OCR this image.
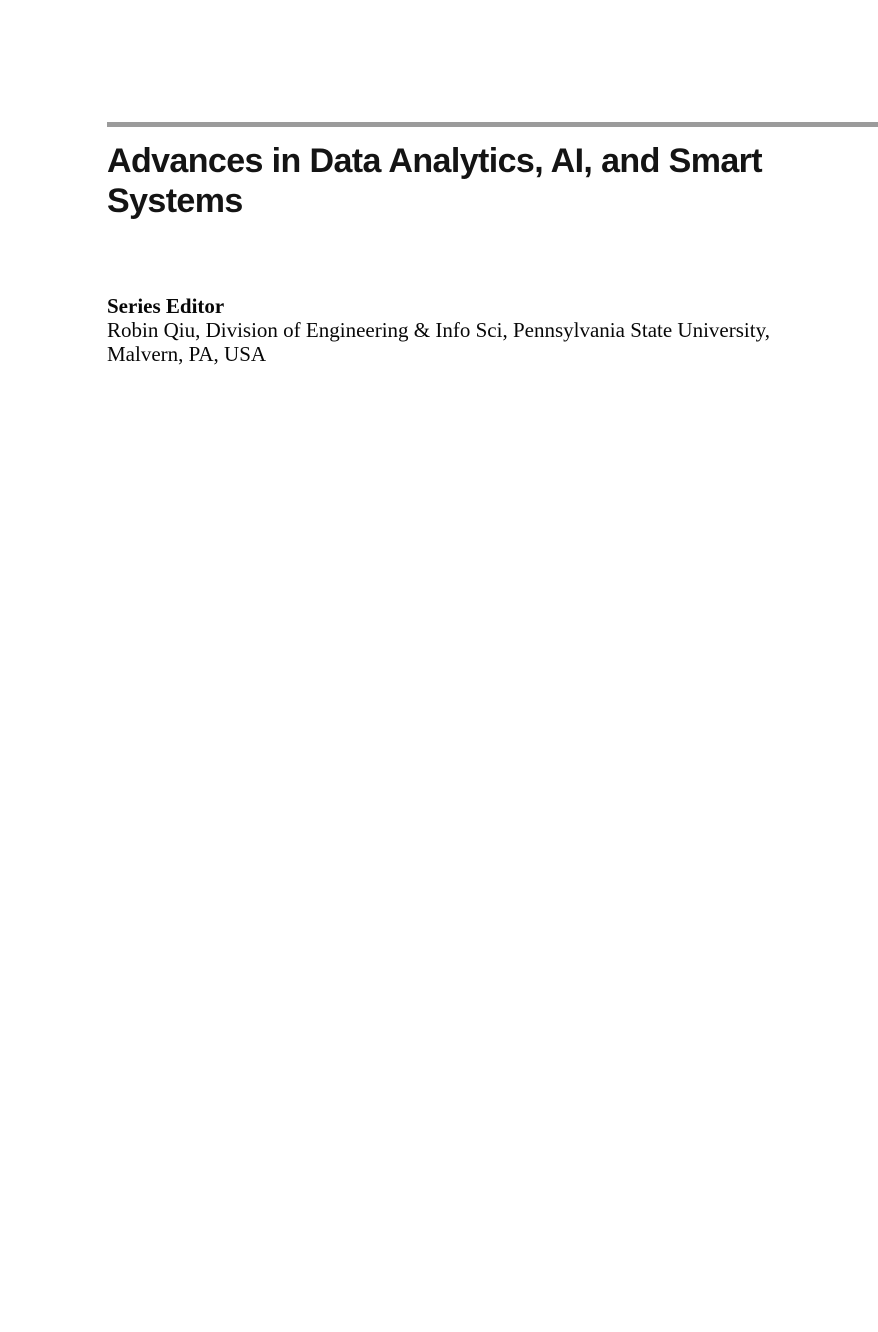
Advances in Data Analytics, AI, and Smart
Systems
Series Editor
Robin Qiu, Division of Engineering & Info Sci, Pennsylvania State University,
Malvern, PA, USA
